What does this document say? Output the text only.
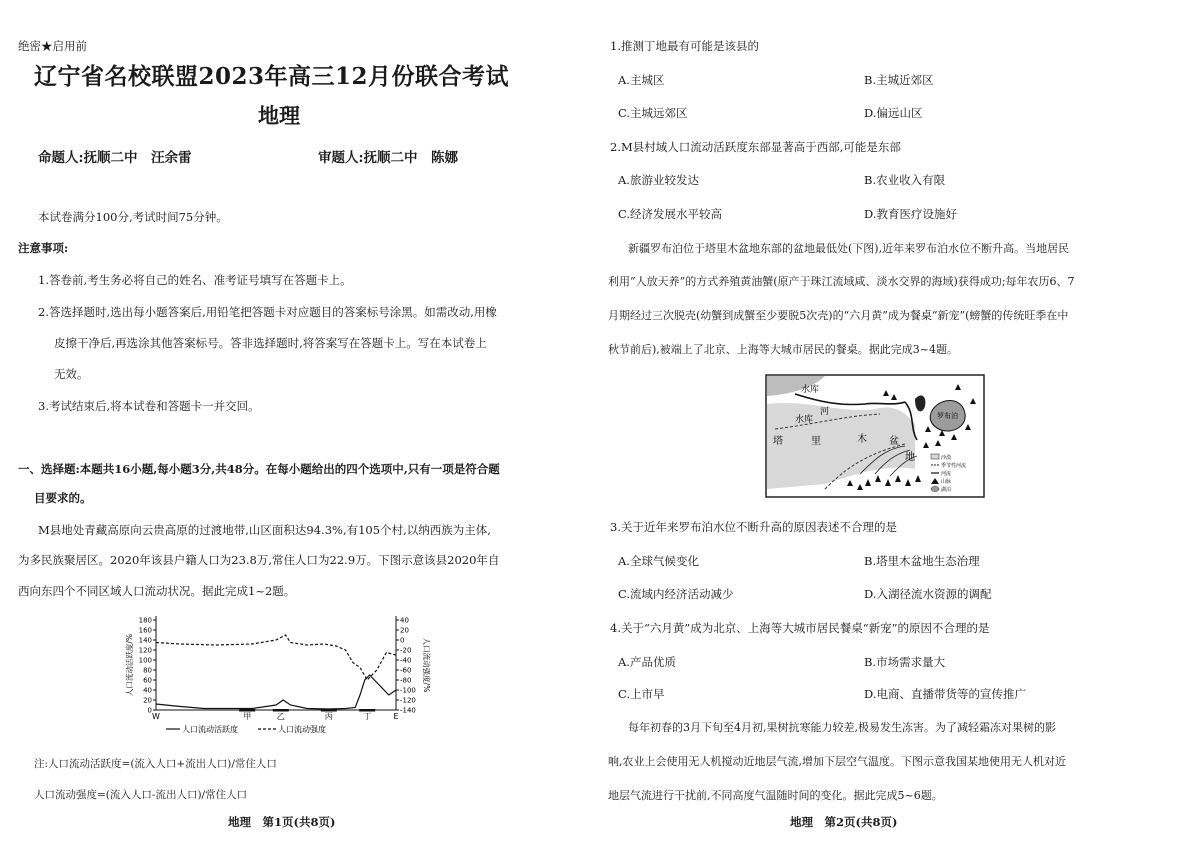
绝密★启用前
辽宁省名校联盟2023年高三12月份联合考试
地理
命题人:抚顺二中　汪余雷	审题人:抚顺二中　陈娜
本试卷满分100分,考试时间75分钟。
注意事项:
1.答卷前,考生务必将自己的姓名、准考证号填写在答题卡上。
2.答选择题时,选出每小题答案后,用铅笔把答题卡对应题目的答案标号涂黑。如需改动,用橡
皮擦干净后,再选涂其他答案标号。答非选择题时,将答案写在答题卡上。写在本试卷上
无效。
3.考试结束后,将本试卷和答题卡一并交回。
一、选择题:本题共16小题,每小题3分,共48分。在每小题给出的四个选项中,只有一项是符合题
目要求的。
M县地处青藏高原向云贵高原的过渡地带,山区面积达94.3%,有105个村,以纳西族为主体,
为多民族聚居区。2020年该县户籍人口为23.8万,常住人口为22.9万。下图示意该县2020年自
西向东四个不同区域人口流动状况。据此完成1~2题。
人口流动活跃度/%	人口流动强度/%
0
20
40
60
80
100
120
140
160
180
-140
-120
-100
-80
-60
-40
-20
0
20
40
W	甲	乙	丙	丁	E
人口流动活跃度	人口流动强度
注:人口流动活跃度=(流入人口+流出人口)/常住人口
人口流动强度=(流入人口-流出人口)/常住人口
地理　第1页(共8页)
1.推测丁地最有可能是该县的
A.主城区	B.主城近郊区
C.主城远郊区	D.偏远山区
2.M县村域人口流动活跃度东部显著高于西部,可能是东部
A.旅游业较发达	B.农业收入有限
C.经济发展水平较高	D.教育医疗设施好
新疆罗布泊位于塔里木盆地东部的盆地最低处(下图),近年来罗布泊水位不断升高。当地居民
利用“人放天养”的方式养殖黄油蟹(原产于珠江流域咸、淡水交界的海域)获得成功;每年农历6、7
月期经过三次脱壳(幼蟹到成蟹至少要脱5次壳)的“六月黄”成为餐桌“新宠”(螃蟹的传统旺季在中
秋节前后),被端上了北京、上海等大城市居民的餐桌。据此完成3~4题。
水库
河
水库
塔	里	木 盆
地
罗布泊
沙漠
季节性河流
河流
山脉
湖泊
3.关于近年来罗布泊水位不断升高的原因表述不合理的是
A.全球气候变化	B.塔里木盆地生态治理
C.流域内经济活动减少	D.入湖径流水资源的调配
4.关于“六月黄”成为北京、上海等大城市居民餐桌“新宠”的原因不合理的是
A.产品优质	B.市场需求量大
C.上市早	D.电商、直播带货等的宣传推广
每年初春的3月下旬至4月初,果树抗寒能力较差,极易发生冻害。为了减轻霜冻对果树的影
响,农业上会使用无人机搅动近地层气流,增加下层空气温度。下图示意我国某地使用无人机对近
地层气流进行干扰前,不同高度气温随时间的变化。据此完成5~6题。
地理　第2页(共8页)
